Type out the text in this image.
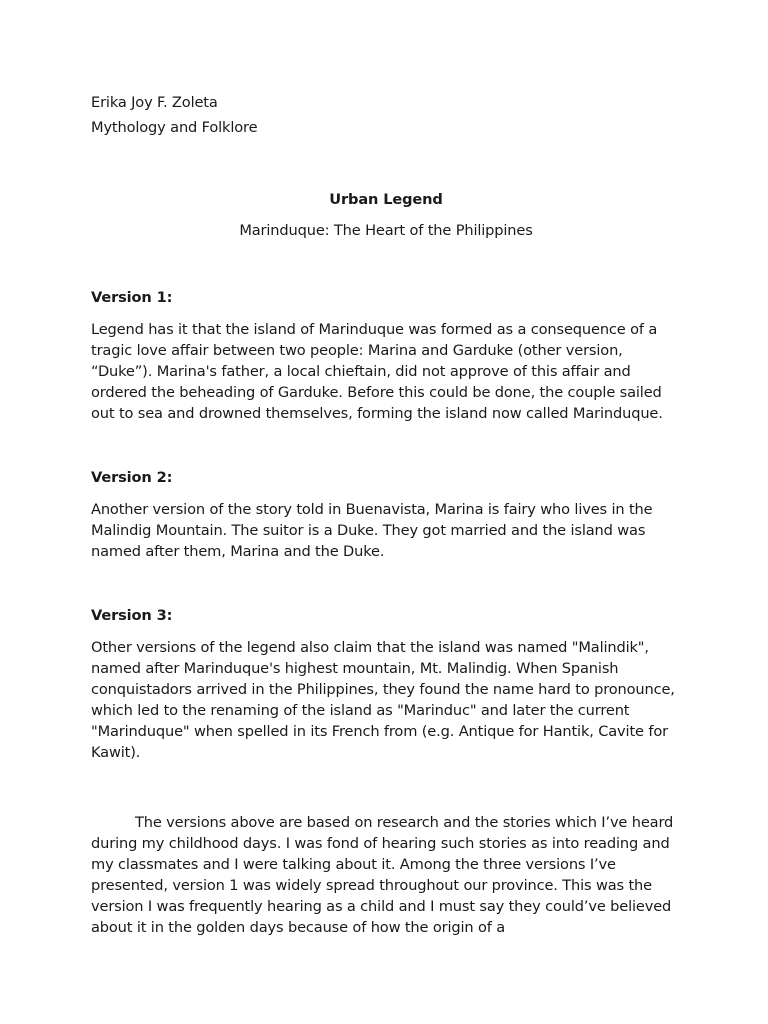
Erika Joy F. Zoleta

Mythology and Folklore

Urban Legend

Marinduque: The Heart of the Philippines

Version 1:

Legend has it that the island of Marinduque was formed as a consequence of a tragic love affair between two people: Marina and Garduke (other version, “Duke”). Marina's father, a local chieftain, did not approve of this affair and ordered the beheading of Garduke. Before this could be done, the couple sailed out to sea and drowned themselves, forming the island now called Marinduque.

Version 2:

Another version of the story told in Buenavista, Marina is fairy who lives in the Malindig Mountain. The suitor is a Duke. They got married and the island was named after them, Marina and the Duke.

Version 3:

Other versions of the legend also claim that the island was named "Malindik", named after Marinduque's highest mountain, Mt. Malindig. When Spanish conquistadors arrived in the Philippines, they found the name hard to pronounce, which led to the renaming of the island as "Marinduc" and later the current "Marinduque" when spelled in its French from (e.g. Antique for Hantik, Cavite for Kawit).

The versions above are based on research and the stories which I’ve heard during my childhood days. I was fond of hearing such stories as into reading and my classmates and I were talking about it. Among the three versions I’ve presented, version 1 was widely spread throughout our province. This was the version I was frequently hearing as a child and I must say they could’ve believed about it in the golden days because of how the origin of a
